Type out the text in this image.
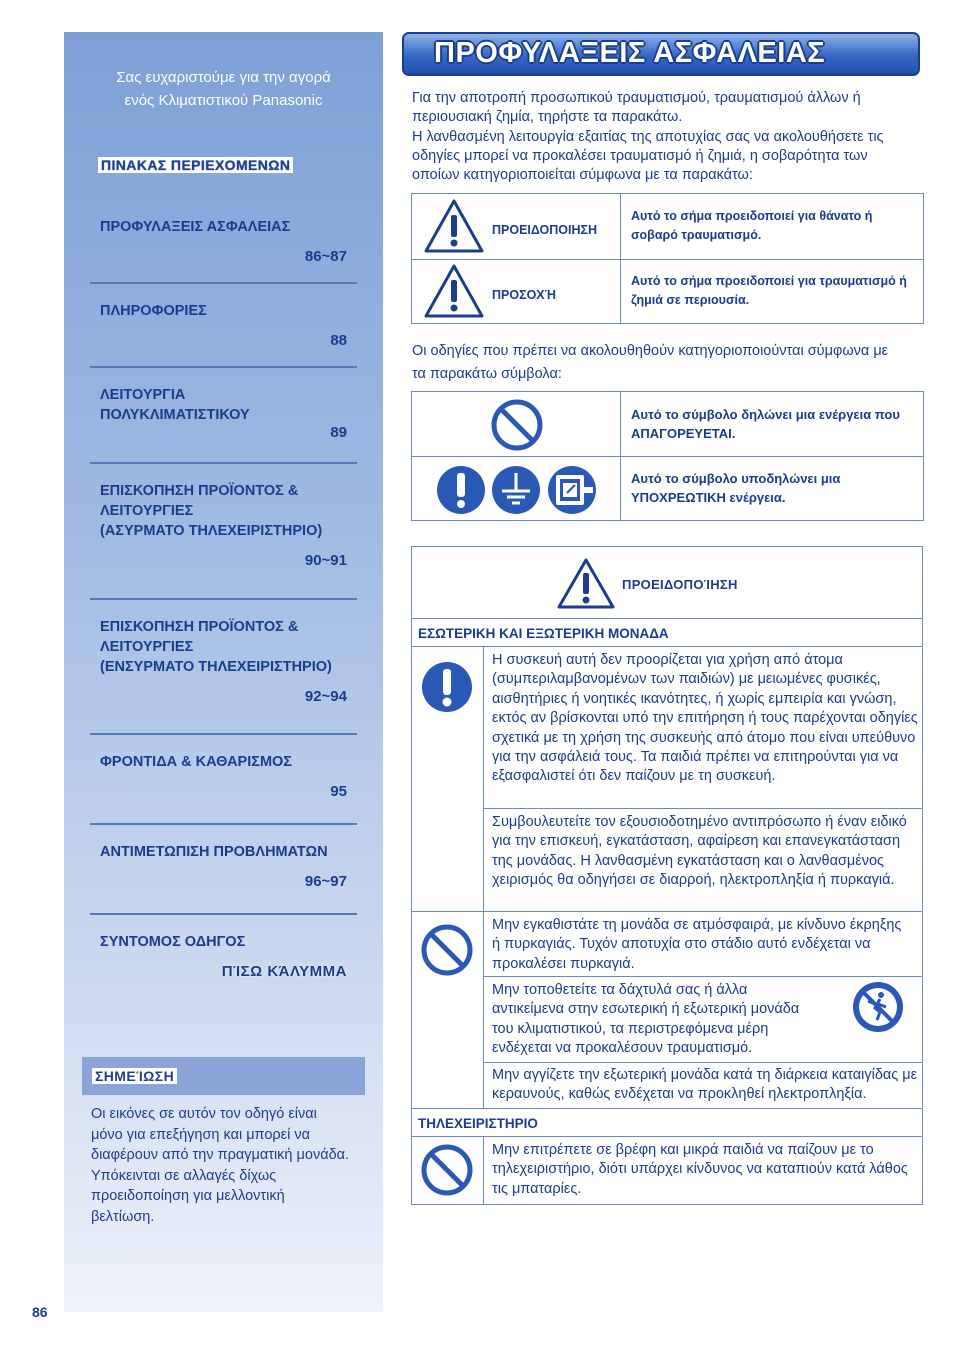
Σας ευχαριστούμε για την αγορά
ενός Κλιματιστικού Panasonic
ΠΙΝΑΚΑΣ ΠΕΡΙΕΧΟΜΕΝΩΝ
ΠΡΟΦΥΛΑΞΕΙΣ ΑΣΦΑΛΕΙΑΣ
86~87
ΠΛΗΡΟΦΟΡΙΕΣ
88
ΛΕΙΤΟΥΡΓΙΑ
ΠΟΛΥΚΛΙΜΑΤΙΣΤΙΚΟΥ
89
ΕΠΙΣΚΟΠΗΣΗ ΠΡΟΪΟΝΤΟΣ &
ΛΕΙΤΟΥΡΓΙΕΣ
(ΑΣΥΡΜΑΤΟ ΤΗΛΕΧΕΙΡΙΣΤΗΡΙΟ)
90~91
ΕΠΙΣΚΟΠΗΣΗ ΠΡΟΪΟΝΤΟΣ &
ΛΕΙΤΟΥΡΓΙΕΣ
(ΕΝΣΥΡΜΑΤΟ ΤΗΛΕΧΕΙΡΙΣΤΗΡΙΟ)
92~94
ΦΡΟΝΤΙΔΑ & ΚΑΘΑΡΙΣΜΟΣ
95
ΑΝΤΙΜΕΤΩΠΙΣΗ ΠΡΟΒΛΗΜΑΤΩΝ
96~97
ΣΥΝΤΟΜΟΣ ΟΔΗΓΟΣ
ΠΊΣΩ ΚΆΛΥΜΜΑ
ΣΗΜΕΊΩΣΗ
Οι εικόνες σε αυτόν τον οδηγό είναι μόνο για επεξήγηση και μπορεί να διαφέρουν από την πραγματική μονάδα. Υπόκεινται σε αλλαγές δίχως προειδοποίηση για μελλοντική βελτίωση.
86
ΠΡΟΦΥΛΑΞΕΙΣ ΑΣΦΑΛΕΙΑΣ
Για την αποτροπή προσωπικού τραυματισμού, τραυματισμού άλλων ή
περιουσιακή ζημία, τηρήστε τα παρακάτω.
Η λανθασμένη λειτουργία εξαιτίας της αποτυχίας σας να ακολουθήσετε τις
οδηγίες μπορεί να προκαλέσει τραυματισμό ή ζημιά, η σοβαρότητα των
οποίων κατηγοριοποιείται σύμφωνα με τα παρακάτω:
ΠΡΟΕΙΔΟΠΟΙΗΣΗ
Αυτό το σήμα προειδοποιεί για θάνατο ή σοβαρό τραυματισμό.
ΠΡΟΣΟΧΉ
Αυτό το σήμα προειδοποιεί για τραυματισμό ή ζημιά σε περιουσία.
Οι οδηγίες που πρέπει να ακολουθηθούν κατηγοριοποιούνται σύμφωνα με
τα παρακάτω σύμβολα:
Αυτό το σύμβολο δηλώνει μια ενέργεια που ΑΠΑΓΟΡΕΥΕΤΑΙ.
Αυτό το σύμβολο υποδηλώνει μια ΥΠΟΧΡΕΩΤΙΚΗ ενέργεια.
ΠΡΟΕΙΔΟΠΟΊΗΣΗ
ΕΣΩΤΕΡΙΚΗ ΚΑΙ ΕΞΩΤΕΡΙΚΗ ΜΟΝΑΔΑ
Η συσκευή αυτή δεν προορίζεται για χρήση από άτομα (συμπεριλαμβανομένων των παιδιών) με μειωμένες φυσικές, αισθητήριες ή νοητικές ικανότητες, ή χωρίς εμπειρία και γνώση, εκτός αν βρίσκονται υπό την επιτήρηση ή τους παρέχονται οδηγίες σχετικά με τη χρήση της συσκευής από άτομο που είναι υπεύθυνο για την ασφάλειά τους. Τα παιδιά πρέπει να επιτηρούνται για να εξασφαλιστεί ότι δεν παίζουν με τη συσκευή.
Συμβουλευτείτε τον εξουσιοδοτημένο αντιπρόσωπο ή έναν ειδικό για την επισκευή, εγκατάσταση, αφαίρεση και επανεγκατάσταση της μονάδας. Η λανθασμένη εγκατάσταση και ο λανθασμένος χειρισμός θα οδηγήσει σε διαρροή, ηλεκτροπληξία ή πυρκαγιά.
Μην εγκαθιστάτε τη μονάδα σε ατμόσφαιρά, με κίνδυνο έκρηξης ή πυρκαγιάς. Τυχόν αποτυχία στο στάδιο αυτό ενδέχεται να προκαλέσει πυρκαγιά.
Μην τοποθετείτε τα δάχτυλά σας ή άλλα αντικείμενα στην εσωτερική ή εξωτερική μονάδα του κλιματιστικού, τα περιστρεφόμενα μέρη ενδέχεται να προκαλέσουν τραυματισμό.
Μην αγγίζετε την εξωτερική μονάδα κατά τη διάρκεια καταιγίδας με κεραυνούς, καθώς ενδέχεται να προκληθεί ηλεκτροπληξία.
ΤΗΛΕΧΕΙΡΙΣΤΗΡΙΟ
Μην επιτρέπετε σε βρέφη και μικρά παιδιά να παίζουν με το τηλεχειριστήριο, διότι υπάρχει κίνδυνος να καταπιούν κατά λάθος τις μπαταρίες.
